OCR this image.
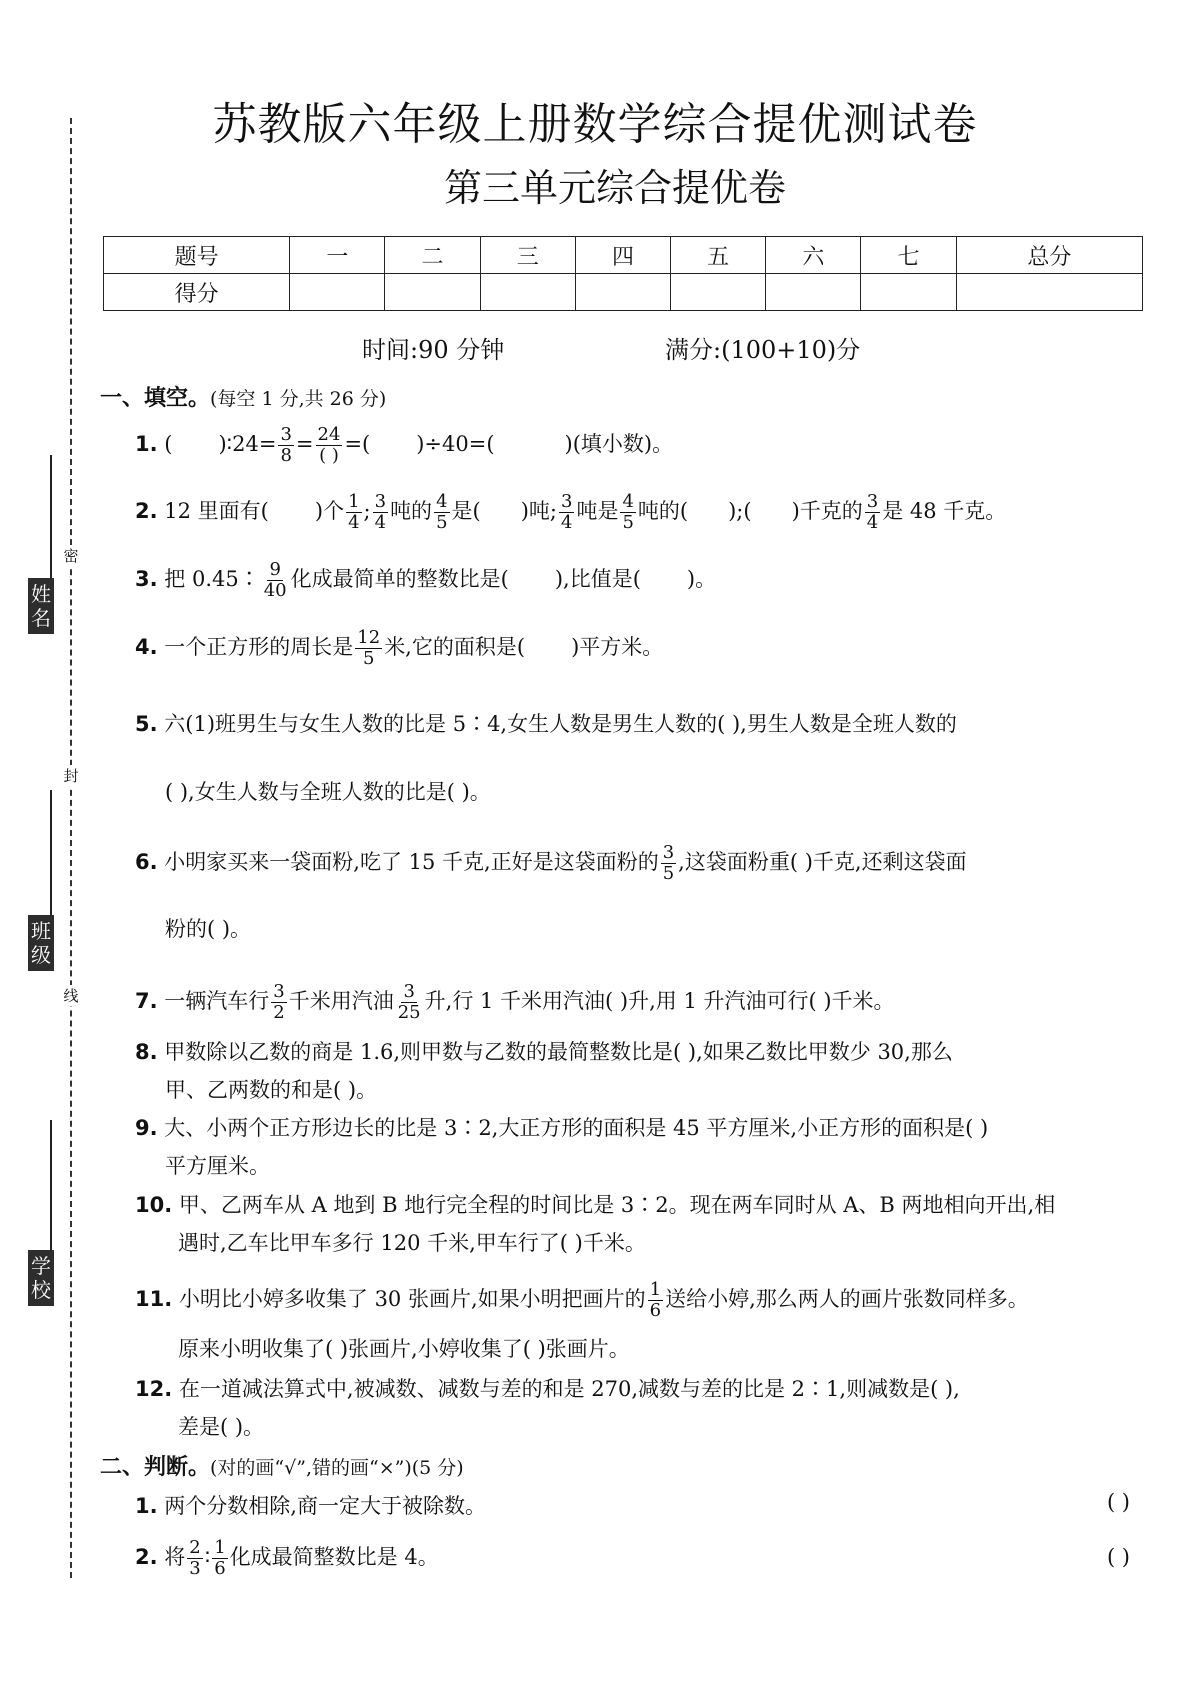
密
封
线
姓名
班级
学校
苏教版六年级上册数学综合提优测试卷
第三单元综合提优卷
题号	一	二	三	四	五	六	七	总分
得分								
时间:90 分钟	满分:(100+10)分
一、填空。(每空 1 分,共 26 分)
1. ( )∶24= $\frac{3}{8} = \frac{24}{( )}$ =( )÷40=(	)(填小数)。
2. 12 里面有( )个 $\frac{1}{4}$ ; $\frac{3}{4}$ 吨的 $\frac{4}{5}$ 是( )吨; $\frac{3}{4}$ 吨是 $\frac{4}{5}$ 吨的( );( )千克的 $\frac{3}{4}$ 是 48 千克。
3. 把 0.45∶ $\frac{9}{40}$ 化成最简单的整数比是( ),比值是( )。
4. 一个正方形的周长是 $\frac{12}{5}$ 米,它的面积是( )平方米。
5. 六(1)班男生与女生人数的比是 5∶4,女生人数是男生人数的( ),男生人数是全班人数的
( ),女生人数与全班人数的比是( )。
6. 小明家买来一袋面粉,吃了 15 千克,正好是这袋面粉的 $\frac{3}{5}$ ,这袋面粉重( )千克,还剩这袋面
粉的( )。
7. 一辆汽车行 $\frac{3}{2}$ 千米用汽油 $\frac{3}{25}$ 升,行 1 千米用汽油( )升,用 1 升汽油可行( )千米。
8. 甲数除以乙数的商是 1.6,则甲数与乙数的最简整数比是( ),如果乙数比甲数少 30,那么
甲、乙两数的和是( )。
9. 大、小两个正方形边长的比是 3∶2,大正方形的面积是 45 平方厘米,小正方形的面积是( )
平方厘米。
10. 甲、乙两车从 A 地到 B 地行完全程的时间比是 3∶2。现在两车同时从 A、B 两地相向开出,相
遇时,乙车比甲车多行 120 千米,甲车行了( )千米。
11. 小明比小婷多收集了 30 张画片,如果小明把画片的 $\frac{1}{6}$ 送给小婷,那么两人的画片张数同样多。
原来小明收集了( )张画片,小婷收集了( )张画片。
12. 在一道减法算式中,被减数、减数与差的和是 270,减数与差的比是 2∶1,则减数是( ),
差是( )。
二、判断。(对的画“√”,错的画“×”)(5 分)
1. 两个分数相除,商一定大于被除数。	( )
2. 将 $\frac{2}{3}$ ∶ $\frac{1}{6}$ 化成最简整数比是 4。	( )
